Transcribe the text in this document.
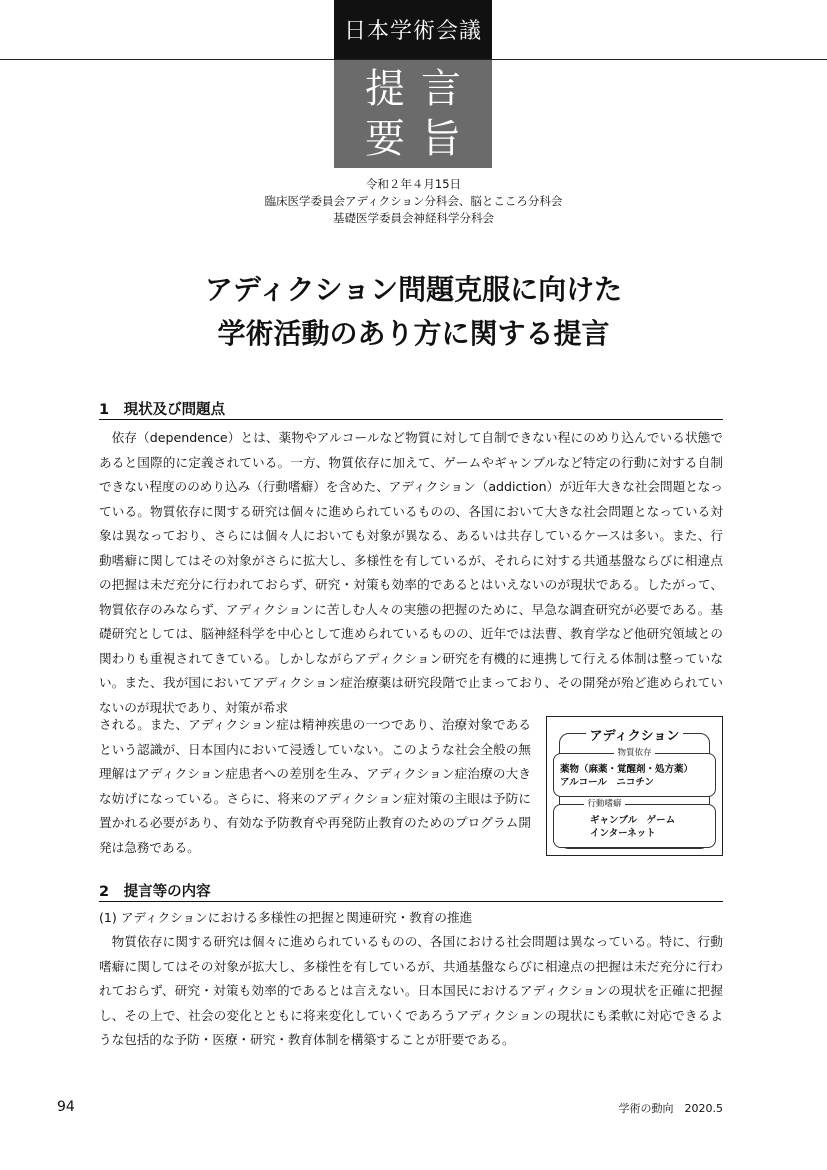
日本学術会議
提言
要旨
令和２年４月15日
臨床医学委員会アディクション分科会、脳とこころ分科会
基礎医学委員会神経科学分科会
アディクション問題克服に向けた
学術活動のあり方に関する提言
1　現状及び問題点

依存（dependence）とは、薬物やアルコールなど物質に対して自制できない程にのめり込んでいる状態であると国際的に定義されている。一方、物質依存に加えて、ゲームやギャンブルなど特定の行動に対する自制できない程度ののめり込み（行動嗜癖）を含めた、アディクション（addiction）が近年大きな社会問題となっている。物質依存に関する研究は個々に進められているものの、各国において大きな社会問題となっている対象は異なっており、さらには個々人においても対象が異なる、あるいは共存しているケースは多い。また、行動嗜癖に関してはその対象がさらに拡大し、多様性を有しているが、それらに対する共通基盤ならびに相違点の把握は未だ充分に行われておらず、研究・対策も効率的であるとはいえないのが現状である。したがって、物質依存のみならず、アディクションに苦しむ人々の実態の把握のために、早急な調査研究が必要である。基礎研究としては、脳神経科学を中心として進められているものの、近年では法曹、教育学など他研究領域との関わりも重視されてきている。しかしながらアディクション研究を有機的に連携して行える体制は整っていない。また、我が国においてアディクション症治療薬は研究段階で止まっており、その開発が殆ど進められていないのが現状であり、対策が希求

される。また、アディクション症は精神疾患の一つであり、治療対象であるという認識が、日本国内において浸透していない。このような社会全般の無理解はアディクション症患者への差別を生み、アディクション症治療の大きな妨げになっている。さらに、将来のアディクション症対策の主眼は予防に置かれる必要があり、有効な予防教育や再発防止教育のためのプログラム開発は急務である。

アディクション
物質依存
薬物（麻薬・覚醒剤・処方薬）
アルコール　ニコチン
行動嗜癖
ギャンブル　ゲーム
インターネット
2　提言等の内容
(1) アディクションにおける多様性の把握と関連研究・教育の推進

物質依存に関する研究は個々に進められているものの、各国における社会問題は異なっている。特に、行動嗜癖に関してはその対象が拡大し、多様性を有しているが、共通基盤ならびに相違点の把握は未だ充分に行われておらず、研究・対策も効率的であるとは言えない。日本国民におけるアディクションの現状を正確に把握し、その上で、社会の変化とともに将来変化していくであろうアディクションの現状にも柔軟に対応できるような包括的な予防・医療・研究・教育体制を構築することが肝要である。

94	学術の動向　2020.5
